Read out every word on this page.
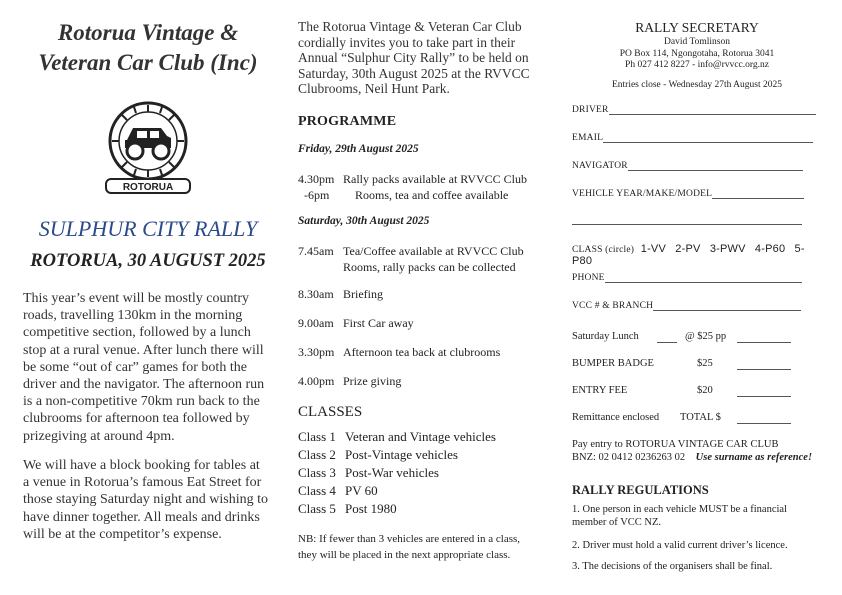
Rotorua Vintage &
Veteran Car Club (Inc)
ROTORUA
SULPHUR CITY RALLY
ROTORUA, 30 AUGUST 2025
This year’s event will be mostly country
roads, travelling 130km in the morning
competitive section, followed by a lunch
stop at a rural venue. After lunch there will
be some “out of car” games for both the
driver and the navigator. The afternoon run
is a non-competitive 70km run back to the
clubrooms for afternoon tea followed by
prizegiving at around 4pm.
We will have a block booking for tables at
a venue in Rotorua’s famous Eat Street for
those staying Saturday night and wishing to
have dinner together. All meals and drinks
will be at the competitor’s expense.
The Rotorua Vintage & Veteran Car Club
cordially invites you to take part in their
Annual “Sulphur City Rally” to be held on
Saturday, 30th August 2025 at the RVVCC
Clubrooms, Neil Hunt Park.
PROGRAMME
Friday, 29th August 2025
4.30pm Rally packs available at RVVCC Club
-6pm Rooms, tea and coffee available
Saturday, 30th August 2025
7.45am Tea/Coffee available at RVVCC Club
Rooms, rally packs can be collected
8.30am Briefing
9.00am First Car away
3.30pm Afternoon tea back at clubrooms
4.00pm Prize giving
CLASSES
Class 1 Veteran and Vintage vehicles
Class 2 Post-Vintage vehicles
Class 3 Post-War vehicles
Class 4 PV 60
Class 5 Post 1980
NB: If fewer than 3 vehicles are entered in a class,
they will be placed in the next appropriate class.
RALLY SECRETARY
David Tomlinson
PO Box 114, Ngongotaha, Rotorua 3041
Ph 027 412 8227 - info@rvvcc.org.nz
Entries close - Wednesday 27th August 2025
DRIVER
EMAIL
NAVIGATOR
VEHICLE YEAR/MAKE/MODEL
CLASS (circle) 1-VV 2-PV 3-PWV 4-P60 5-P80
PHONE
VCC # & BRANCH
Saturday Lunch	@ $25 pp
BUMPER BADGE	$25
ENTRY FEE	$20
Remittance enclosed TOTAL $
Pay entry to ROTORUA VINTAGE CAR CLUB
BNZ: 02 0412 0236263 02 Use surname as reference!
RALLY REGULATIONS
1. One person in each vehicle MUST be a financial
member of VCC NZ.
2. Driver must hold a valid current driver’s licence.
3. The decisions of the organisers shall be final.
